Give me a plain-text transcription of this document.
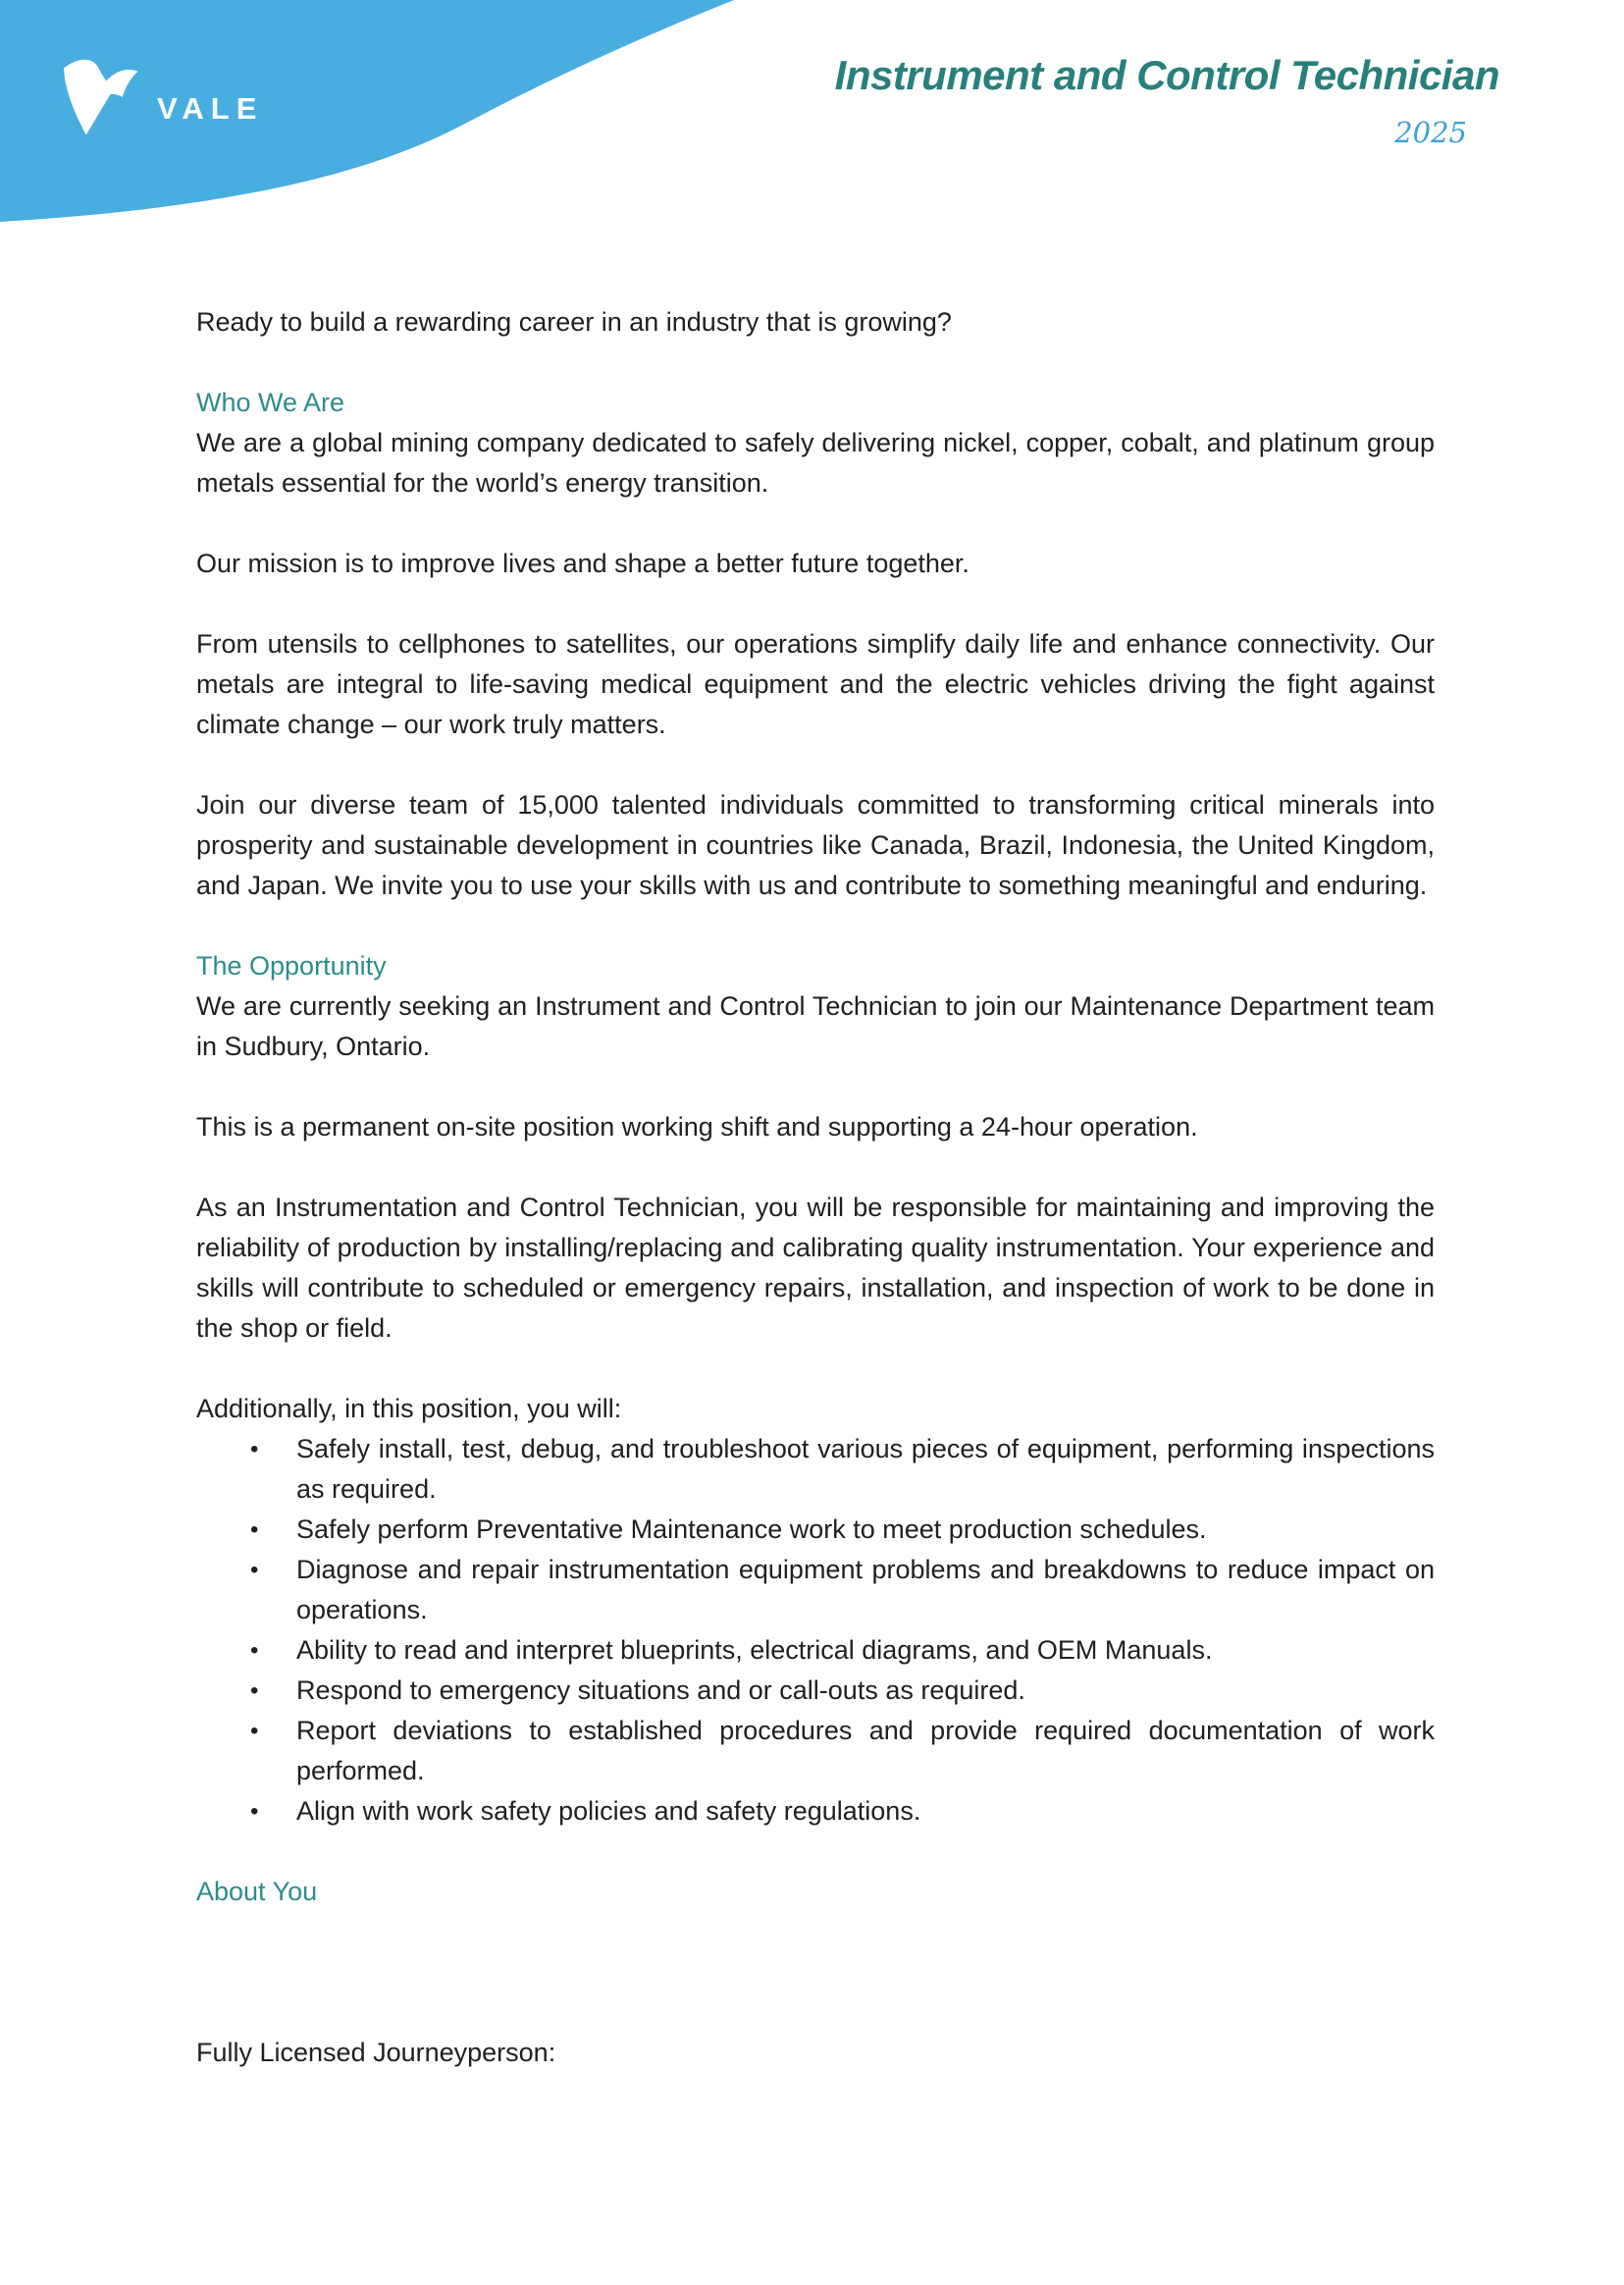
VALE
Instrument and Control Technician
2025

Ready to build a rewarding career in an industry that is growing?

Who We Are

We are a global mining company dedicated to safely delivering nickel, copper, cobalt, and platinum group metals essential for the world’s energy transition.

Our mission is to improve lives and shape a better future together.

From utensils to cellphones to satellites, our operations simplify daily life and enhance connectivity. Our metals are integral to life-saving medical equipment and the electric vehicles driving the fight against climate change – our work truly matters.

Join our diverse team of 15,000 talented individuals committed to transforming critical minerals into prosperity and sustainable development in countries like Canada, Brazil, Indonesia, the United Kingdom, and Japan. We invite you to use your skills with us and contribute to something meaningful and enduring.

The Opportunity

We are currently seeking an Instrument and Control Technician to join our Maintenance Department team in Sudbury, Ontario.

This is a permanent on-site position working shift and supporting a 24-hour operation.

As an Instrumentation and Control Technician, you will be responsible for maintaining and improving the reliability of production by installing/replacing and calibrating quality instrumentation. Your experience and skills will contribute to scheduled or emergency repairs, installation, and inspection of work to be done in the shop or field.

Additionally, in this position, you will:

• Safely install, test, debug, and troubleshoot various pieces of equipment, performing inspections as required.
• Safely perform Preventative Maintenance work to meet production schedules.
• Diagnose and repair instrumentation equipment problems and breakdowns to reduce impact on operations.
• Ability to read and interpret blueprints, electrical diagrams, and OEM Manuals.
• Respond to emergency situations and or call-outs as required.
• Report deviations to established procedures and provide required documentation of work performed.
• Align with work safety policies and safety regulations.
About You

Fully Licensed Journeyperson:
